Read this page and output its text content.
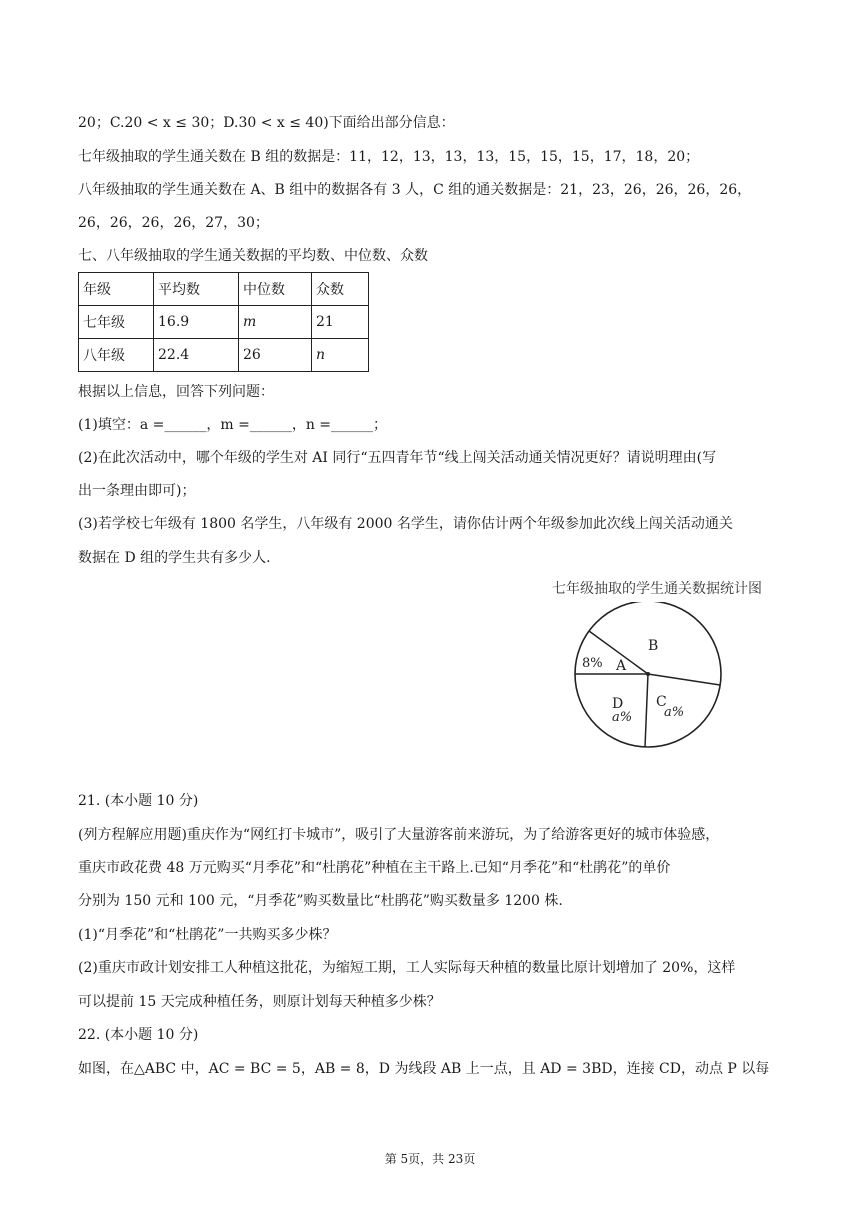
20；C.20 < x ≤ 30；D.30 < x ≤ 40)下面给出部分信息：
七年级抽取的学生通关数在 B 组的数据是：11，12，13，13，13，15，15，15，17，18，20；
八年级抽取的学生通关数在 A、B 组中的数据各有 3 人，C 组的通关数据是：21，23，26，26，26，26，
26，26，26，26，27，30；
七、八年级抽取的学生通关数据的平均数、中位数、众数
年级	平均数	中位数	众数
七年级	16.9	m	21
八年级	22.4	26	n
根据以上信息，回答下列问题：
(1)填空：a =______，m =______，n =______；
(2)在此次活动中，哪个年级的学生对 AI 同行“五四青年节“线上闯关活动通关情况更好？请说明理由(写
出一条理由即可)；
(3)若学校七年级有 1800 名学生，八年级有 2000 名学生，请你估计两个年级参加此次线上闯关活动通关
数据在 D 组的学生共有多少人.
七年级抽取的学生通关数据统计图
A
8%
B
C
a%
D
a%
21. (本小题 10 分)
(列方程解应用题)重庆作为“网红打卡城市”，吸引了大量游客前来游玩，为了给游客更好的城市体验感，
重庆市政花费 48 万元购买“月季花”和“杜鹃花”种植在主干路上.已知“月季花”和“杜鹃花”的单价
分别为 150 元和 100 元，“月季花”购买数量比“杜鹃花”购买数量多 1200 株.
(1)“月季花”和“杜鹃花”一共购买多少株？
(2)重庆市政计划安排工人种植这批花，为缩短工期，工人实际每天种植的数量比原计划增加了 20%，这样
可以提前 15 天完成种植任务，则原计划每天种植多少株？
22. (本小题 10 分)
如图，在△ABC 中，AC = BC = 5，AB = 8，D 为线段 AB 上一点，且 AD = 3BD，连接 CD，动点 P 以每
第 5页，共 23页
